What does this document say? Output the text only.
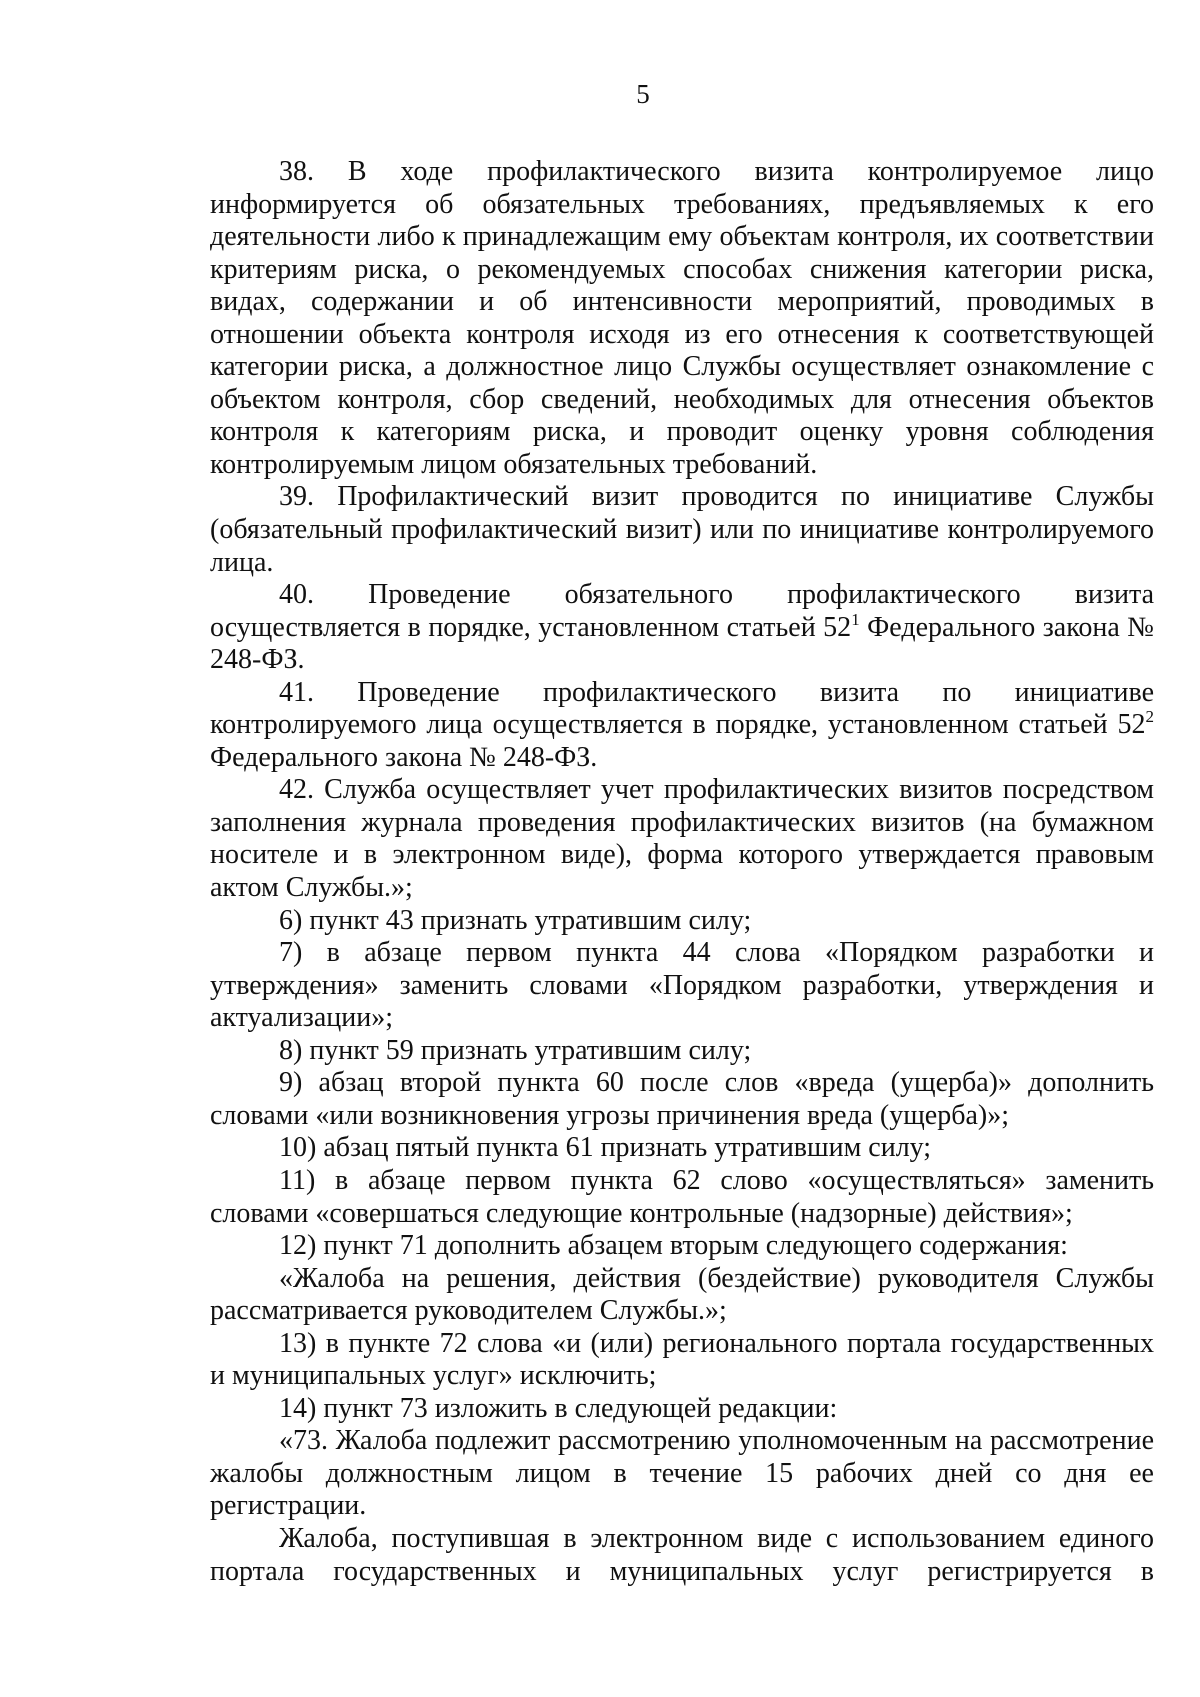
5

38. В ходе профилактического визита контролируемое лицо информируется об обязательных требованиях, предъявляемых к его деятельности либо к принадлежащим ему объектам контроля, их соответствии критериям риска, о рекомендуемых способах снижения категории риска, видах, содержании и об интенсивности мероприятий, проводимых в отношении объекта контроля исходя из его отнесения к соответствующей категории риска, а должностное лицо Службы осуществляет ознакомление с объектом контроля, сбор сведений, необходимых для отнесения объектов контроля к категориям риска, и проводит оценку уровня соблюдения контролируемым лицом обязательных требований.

39. Профилактический визит проводится по инициативе Службы (обязательный профилактический визит) или по инициативе контролируемого лица.

40. Проведение обязательного профилактического визита осуществляется в порядке, установленном статьей $52^1$ Федерального закона № 248-ФЗ.

41. Проведение профилактического визита по инициативе контролируемого лица осуществляется в порядке, установленном статьей $52^2$ Федерального закона № 248-ФЗ.

42. Служба осуществляет учет профилактических визитов посредством заполнения журнала проведения профилактических визитов (на бумажном носителе и в электронном виде), форма которого утверждается правовым актом Службы.»;

6) пункт 43 признать утратившим силу;

7) в абзаце первом пункта 44 слова «Порядком разработки и утверждения» заменить словами «Порядком разработки, утверждения и актуализации»;

8) пункт 59 признать утратившим силу;

9) абзац второй пункта 60 после слов «вреда (ущерба)» дополнить словами «или возникновения угрозы причинения вреда (ущерба)»;

10) абзац пятый пункта 61 признать утратившим силу;

11) в абзаце первом пункта 62 слово «осуществляться» заменить словами «совершаться следующие контрольные (надзорные) действия»;

12) пункт 71 дополнить абзацем вторым следующего содержания:

«Жалоба на решения, действия (бездействие) руководителя Службы рассматривается руководителем Службы.»;

13) в пункте 72 слова «и (или) регионального портала государственных и муниципальных услуг» исключить;

14) пункт 73 изложить в следующей редакции:

«73. Жалоба подлежит рассмотрению уполномоченным на рассмотрение жалобы должностным лицом в течение 15 рабочих дней со дня ее регистрации.

Жалоба, поступившая в электронном виде с использованием единого портала государственных и муниципальных услуг регистрируется в
